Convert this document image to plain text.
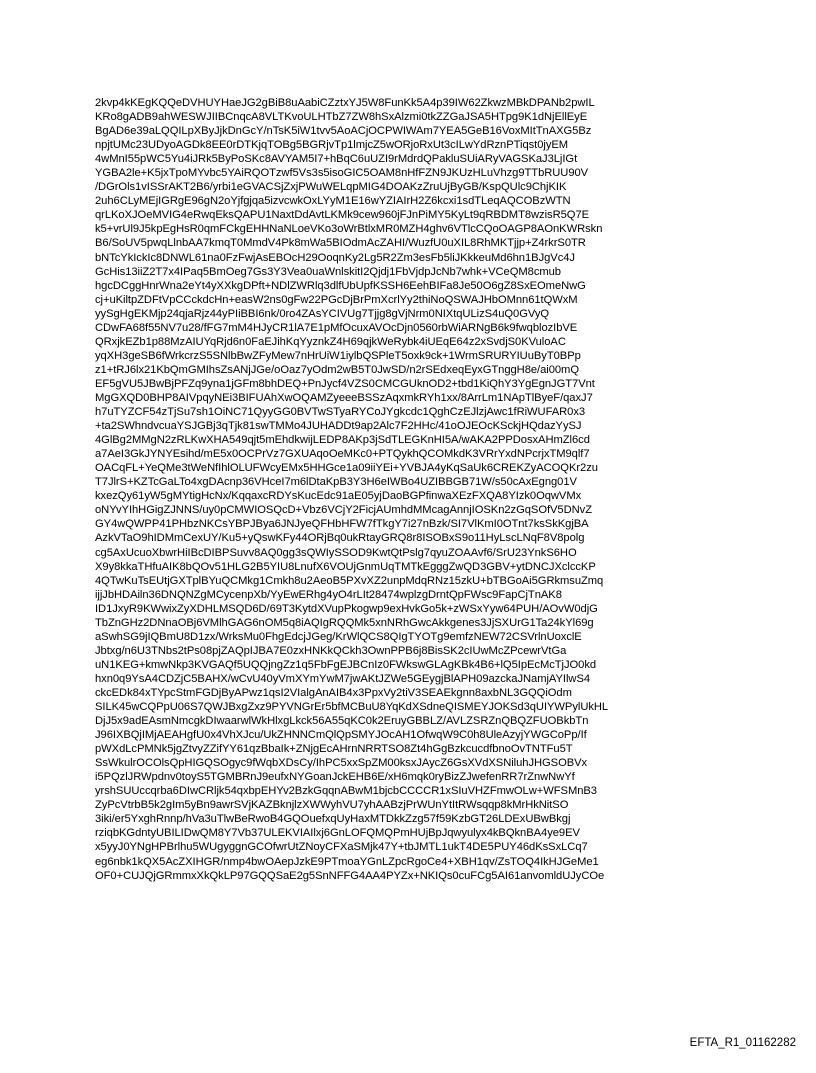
2kvp4kKEgKQQeDVHUYHaeJG2gBiB8uAabiCZztxYJ5W8FunKk5A4p39IW62ZkwzMBkDPANb2pwIL
KRo8gADB9ahWESWJIIBCnqcA8VLTKvoULHTbZ7ZW8hSxAlzmi0tkZZGaJSA5HTpg9K1dNjEllEyE
BgAD6e39aLQQILpXByJjkDnGcY/nTsK5iW1tvv5AoACjOCPWIWAm7YEA5GeB16VoxMItTnAXG5Bz
npjtUMc23UDyoAGDk8EE0rDTKjqTOBg5BGRjvTp1lmjcZ5wORjoRxUt3cILwYdRznPTiqst0jyEM
4wMnI55pWC5Yu4iJRk5ByPoSKc8AVYAM5I7+hBqC6uUZI9rMdrdQPakluSUiARyVAGSKaJ3LjIGt
YGBA2le+K5jxTpoMYvbc5YAiRQOTzwf5Vs3s5isoGIC5OAM8nHfFZN9JKUzHLuVhzg9TTbRUU90V
/DGrOls1vISSrAKT2B6/yrbi1eGVACSjZxjPWuWELqpMIG4DOAKzZruUjByGB/KspQUlc9ChjKIK
2uh6CLyMEjIGRgE96gN2oYjfgjqa5izvcwkOxLYyM1E16wYZIAIrH2Z6kcxi1sdTLeqAQCOBzWTN
qrLKoXJOeMVIG4eRwqEksQAPU1NaxtDdAvtLKMk9cew960jFJnPiMY5KyLt9qRBDMT8wzisR5Q7E
k5+vrUl9J5kpEgHsR0qmFCkgEHHNaNLoeVKo3oWrBtlxMR0MZH4ghv6VTlcCQoOAGP8AOnKWRskn
B6/SoUV5pwqLlnbAA7kmqT0MmdV4Pk8mWa5BIOdmAcZAHI/WuzfU0uXIL8RhMKTjjp+Z4rkrS0TR
bNTcYkIckIc8DNWL61na0FzFwjAsEBOcH29OoqnKy2Lg5R2Zm3esFb5liJKkkeuMd6hn1BJgVc4J
GcHis13iiZ2T7x4IPaq5BmOeg7Gs3Y3Vea0uaWnlskitI2Qjdj1FbVjdpJcNb7whk+VCeQM8cmub
hgcDCggHnrWna2eYt4yXXkgDPft+NDlZWRlq3dlfUbUpfKSSH6EehBIFa8Je50O6gZ8SxEOmeNwG
cj+uKiltpZDFtVpCCckdcHn+easW2ns0gFw22PGcDjBrPmXcrlYy2thiNoQSWAJHbOMnn61tQWxM
yySgHgEKMjp24qjaRjz44yPIiBBI6nk/0ro4ZAsYCIVUg7Tjjg8gVjNrm0NIXtqULizS4uQ0GVyQ
CDwFA68f55NV7u28/fFG7mM4HJyCR1lA7E1pMfOcuxAVOcDjn0560rbWiARNgB6k9fwqblozIbVE
QRxjkEZb1p88MzAIUYqRjd6n0FaEJihKqYyznkZ4H69qjkWeRybk4iUEqE64z2xSvdjS0KVuloAC
yqXH3geSB6fWrkcrzS5SNlbBwZFyMew7nHrUiW1iylbQSPleT5oxk9ck+1WrmSRURYIUuByT0BPp
z1+tRJ6lx21KbQmGMIhsZsANjJGe/oOaz7yOdm2wB5T0JwSD/n2rSEdxeqEyxGTnggH8e/ai00mQ
EF5gVU5JBwBjPFZq9yna1jGFm8bhDEQ+PnJycf4VZS0CMCGUknOD2+tbd1KiQhY3YgEgnJGT7Vnt
MgGXQD0BHP8AIVpqyNEi3BIFUAhXwOQAMZyeeeBSSzAqxmkRYh1xx/8ArrLm1NApTlByeF/qaxJ7
h7uTYZCF54zTjSu7sh1OiNC71QyyGG0BVTwSTyaRYCoJYgkcdc1QghCzEJlzjAwc1fRiWUFAR0x3
+ta2SWhndvcuaYSJGBj3qTjk81swTMMo4JUHADDt9ap2Alc7F2HHc/41oOJEOcKSckjHQdazYySJ
4GlBg2MMgN2zRLKwXHA549qjt5mEhdkwijLEDP8AKp3jSdTLEGKnHI5A/wAKA2PPDosxAHmZl6cd
a7AeI3GkJYNYEsihd/mE5x0OCPrVz7GXUAqoOeMKc0+PTQykhQCOMkdK3VRrYxdNPcrjxTM9qlf7
OACqFL+YeQMe3tWeNfIhlOLUFWcyEMx5HHGce1a09iiYEi+YVBJA4yKqSaUk6CREKZyACOQKr2zu
T7JlrS+KZTcGaLTo4xgDAcnp36VHceI7m6lDtaKpB3Y3H6eIWBo4UZIBBGB71W/s50cAxEgng01V
kxezQy61yW5gMYtigHcNx/KqqaxcRDYsKucEdc91aE05yjDaoBGPfinwaXEzFXQA8YIzk0OqwVMx
oNYvYIhHGigZJNNS/uy0pCMWIOSQcD+Vbz6VCjY2FicjAUmhdMMcagAnnjIOSKn2zGqSOfV5DNvZ
GY4wQWPP41PHbzNKCsYBPJBya6JNJyeQFHbHFW7fTkgY7i27nBzk/SI7VlKmI0OTnt7ksSkKgjBA
AzkVTaO9hIDMmCexUY/Ku5+yQswKFy44ORjBq0ukRtayGRQ8r8ISOBxS9o11HyLscLNqF8V8polg
cg5AxUcuoXbwrHiIBcDIBPSuvv8AQ0gg3sQWIySSOD9KwtQtPslg7qyuZOAAvf6/SrU23YnkS6HO
X9y8kkaTHfuAIK8bQOv51HLG2B5YIU8LnufX6VOUjGnmUqTMTkEgggZwQD3GBV+ytDNCJXclccKP
4QTwKuTsEUtjGXTplBYuQCMkg1Cmkh8u2AeoB5PXvXZ2unpMdqRNz15zkU+bTBGoAi5GRkmsuZmq
ijjJbHDAiln36DNQNZgMCycenpXb/YyEwERhg4yO4rLIt28474wplzgDrntQpFWsc9FapCjTnAK8
ID1JxyR9KWwixZyXDHLMSQD6D/69T3KytdXVupPkogwp9exHvkGo5k+zWSxYyw64PUH/AOvW0djG
TbZnGHz2DNnaOBj6VMlhGAG6nOM5q8iAQIgRQQMk5xnNRhGwcAkkgenes3JjSXUrG1Ta24kYl69g
aSwhSG9jIQBmU8D1zx/WrksMu0FhgEdcjJGeg/KrWlQCS8QIgTYOTg9emfzNEW72CSVrlnUoxclE
Jbtxg/n6U3TNbs2tPs08pjZAQpIJBA7E0zxHNKkQCkh3OwnPPB6j8BisSK2cIUwMcZPcewrVtGa
uN1KEG+kmwNkp3KVGAQf5UQQjngZz1q5FbFgEJBCnIz0FWkswGLAgKBk4B6+lQ5IpEcMcTjJO0kd
hxn0q9YsA4CDZjC5BAHX/wCvU40yVmXYmYwM7jwAKtJZWe5GEygjBlAPH09azckaJNamjAYIlwS4
ckcEDk84xTYpcStmFGDjByAPwz1qsI2VIalgAnAIB4x3PpxVy2tiV3SEAEkgnn8axbNL3GQQiOdm
SILK45wCQPpU06S7QWJBxgZxz9PYVNGrEr5bfMCBuU8YqKdXSdneQISMEYJOKSd3qUIYWPylUkHL
DjJ5x9adEAsmNmcgkDIwaarwlWkHlxgLkck56A55qKC0k2EruyGBBLZ/AVLZSRZnQBQZFUOBkbTn
J96IXBQjIMjAEAHgfU0x4VhXJcu/UkZHNNCmQlQpSMYJOcAH1OfwqW9C0h8UleAzyjYWGCoPp/If
pWXdLcPMNk5jgZtvyZZifYY61qzBbaIk+ZNjgEcAHrnNRRTSO8Zt4hGgBzkcucdfbnoOvTNTFu5T
SsWkulrOCOlsQpHIGQSOgyc9fWqbXDsCy/IhPC5xxSpZM00ksxJAycZ6GsXVdXSNiluhJHGSOBVx
i5PQzlJRWpdnv0toyS5TGMBRnJ9eufxNYGoanJckEHB6E/xH6mqk0ryBizZJwefenRR7rZnwNwYf
yrshSUUccqrba6DIwCRljk54qxbpEHYv2BzkGqqnABwM1bjcbCCCCR1xSIuVHZFmwOLw+WFSMnB3
ZyPcVtrbB5k2gIm5yBn9awrSVjKAZBknjlzXWWyhVU7yhAABzjPrWUnYtItRWsqqp8kMrHkNitSO
3iki/er5YxghRnnp/hVa3uTlwBeRwoB4GQOuefxqUyHaxMTDkkZzg57f59KzbGT26LDExUBwBkgj
rziqbKGdntyUBILIDwQM8Y7Vb37ULEKVIAIlxj6GnLOFQMQPmHUjBpJqwyulyx4kBQknBA4ye9EV
x5yyJ0YNgHPBrlhu5WUgyggnGCOfwrUtZNoyCFXaSMjk47Y+tbJMTL1ukT4DE5PUY46dKsSxLCq7
eg6nbk1kQX5AcZXIHGR/nmp4bwOAepJzkE9PTmoaYGnLZpcRgoCe4+XBH1qv/ZsTOQ4IkHJGeMe1
OF0+CUJQjGRmmxXkQkLP97GQQSaE2g5SnNFFG4AA4PYZx+NKIQs0cuFCg5AI61anvomldUJyCOe
EFTA_R1_01162282
